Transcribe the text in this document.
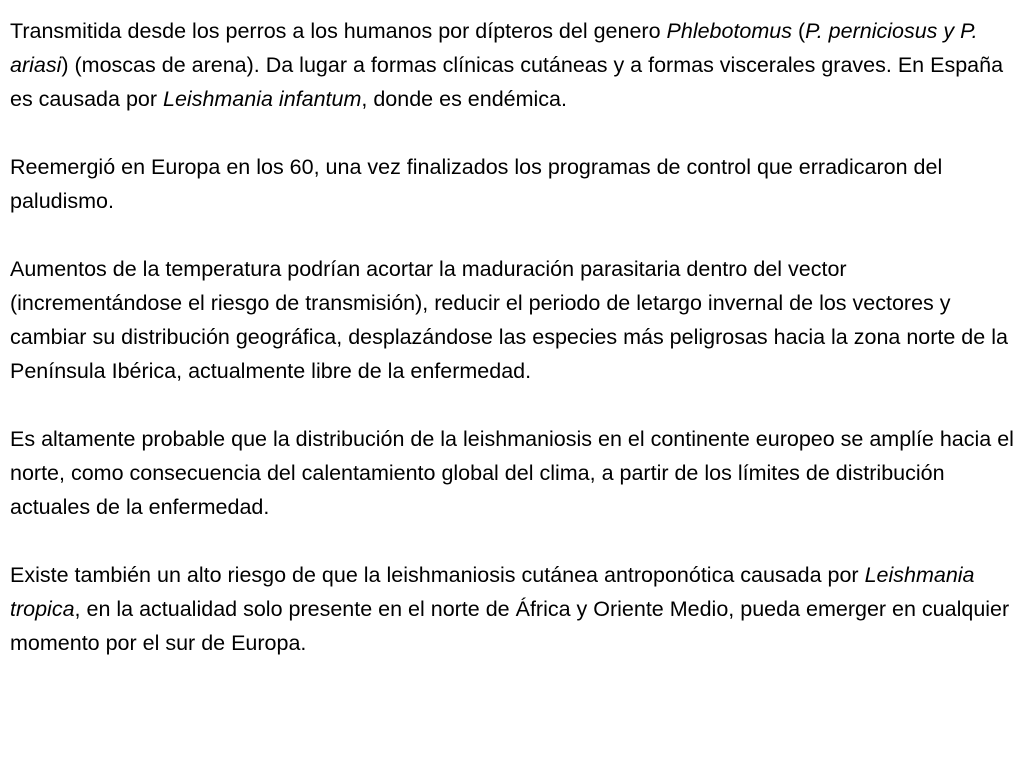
Transmitida desde los perros a los humanos por dípteros del genero Phlebotomus (P. perniciosus y P. ariasi) (moscas de arena). Da lugar a formas clínicas cutáneas y a formas viscerales graves. En España es causada por Leishmania infantum, donde es endémica.

Reemergió en Europa en los 60, una vez finalizados los programas de control que erradicaron del paludismo.

Aumentos de la temperatura podrían acortar la maduración parasitaria dentro del vector (incrementándose el riesgo de transmisión), reducir el periodo de letargo invernal de los vectores y cambiar su distribución geográfica, desplazándose las especies más peligrosas hacia la zona norte de la Península Ibérica, actualmente libre de la enfermedad.

Es altamente probable que la distribución de la leishmaniosis en el continente europeo se amplíe hacia el norte, como consecuencia del calentamiento global del clima, a partir de los límites de distribución actuales de la enfermedad.

Existe también un alto riesgo de que la leishmaniosis cutánea antroponótica causada por Leishmania tropica, en la actualidad solo presente en el norte de África y Oriente Medio, pueda emerger en cualquier momento por el sur de Europa.
